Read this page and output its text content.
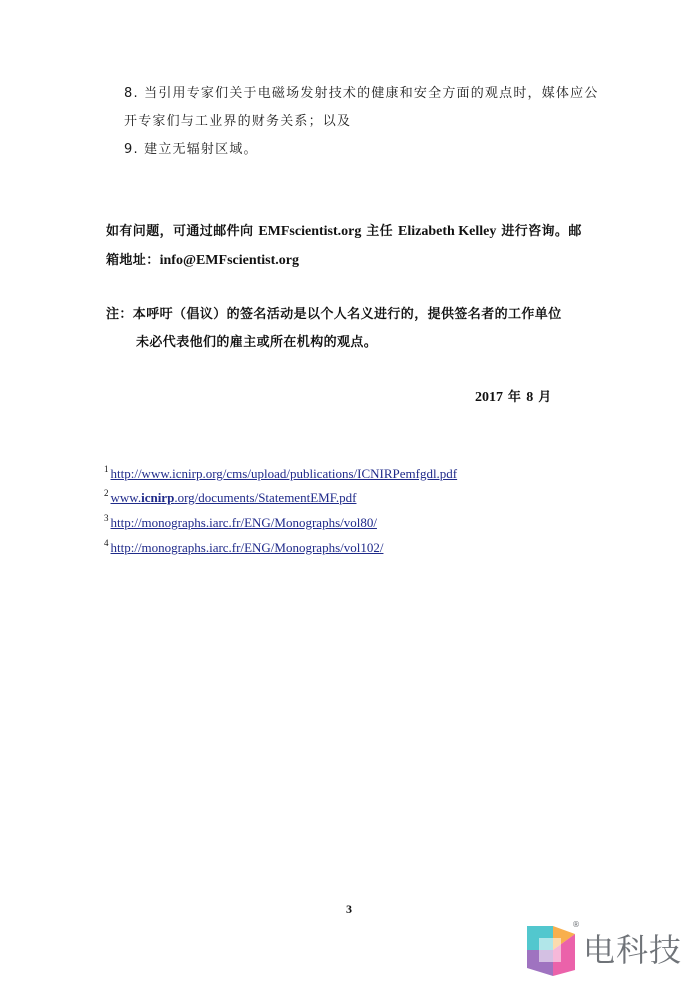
8. 当引用专家们关于电磁场发射技术的健康和安全方面的观点时，媒体应公
开专家们与工业界的财务关系；以及
9. 建立无辐射区域。
如有问题，可通过邮件向 EMFscientist.org 主任 Elizabeth Kelley 进行咨询。邮
箱地址：info@EMFscientist.org
注：本呼吁（倡议）的签名活动是以个人名义进行的，提供签名者的工作单位
未必代表他们的雇主或所在机构的观点。
2017 年 8 月
$^1$ http://www.icnirp.org/cms/upload/publications/ICNIRPemfgdl.pdf
$^2$ www.icnirp.org/documents/StatementEMF.pdf
$^3$ http://monographs.iarc.fr/ENG/Monographs/vol80/
$^4$ http://monographs.iarc.fr/ENG/Monographs/vol102/
3
®
电科技
